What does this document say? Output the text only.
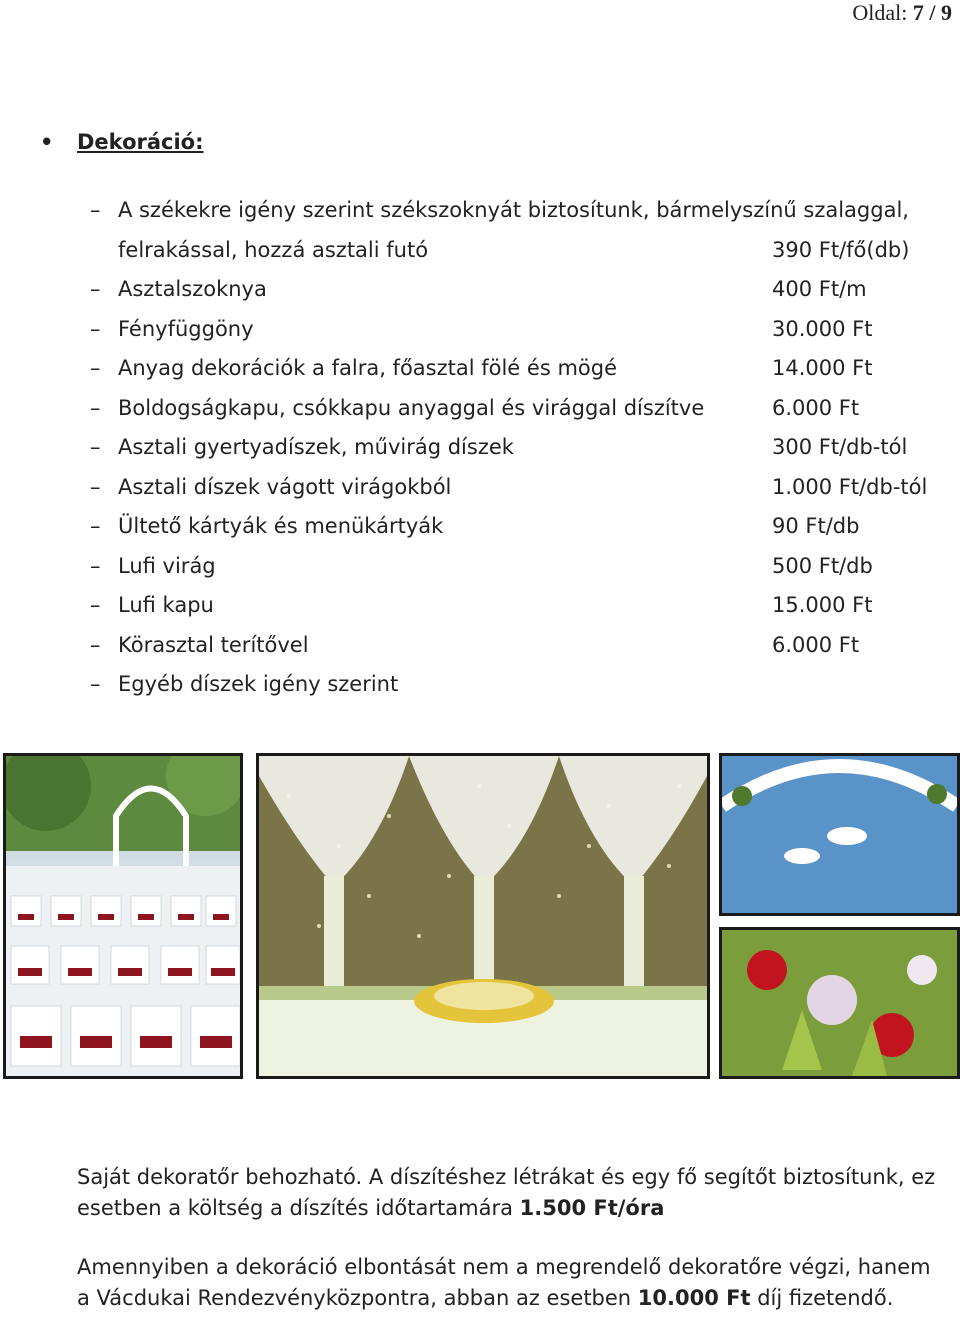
Oldal: 7 / 9
• Dekoráció:
– A székekre igény szerint székszoknyát biztosítunk, bármelyszínű szalaggal,
felrakással, hozzá asztali futó	390 Ft/fő(db)
– Asztalszoknya	400 Ft/m
– Fényfüggöny	30.000 Ft
– Anyag dekorációk a falra, főasztal fölé és mögé	14.000 Ft
– Boldogságkapu, csókkapu anyaggal és virággal díszítve	6.000 Ft
– Asztali gyertyadíszek, művirág díszek	300 Ft/db-tól
– Asztali díszek vágott virágokból	1.000 Ft/db-tól
– Ültető kártyák és menükártyák	90 Ft/db
– Lufi virág	500 Ft/db
– Lufi kapu	15.000 Ft
– Körasztal terítővel	6.000 Ft
– Egyéb díszek igény szerint
Saját dekoratőr behozható. A díszítéshez létrákat és egy fő segítőt biztosítunk, ez esetben a költség a díszítés időtartamára 1.500 Ft/óra
Amennyiben a dekoráció elbontását nem a megrendelő dekoratőre végzi, hanem a Vácdukai Rendezvényközpontra, abban az esetben 10.000 Ft díj fizetendő.
